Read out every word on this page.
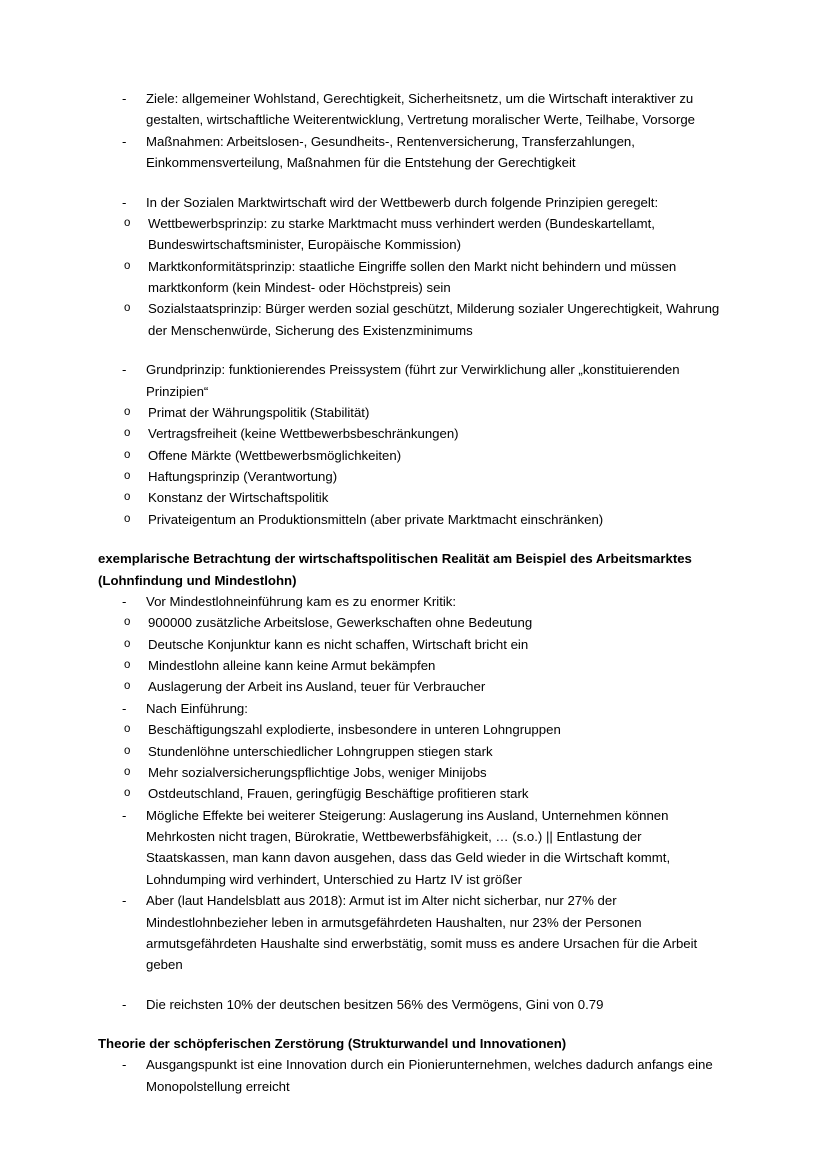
- Ziele: allgemeiner Wohlstand, Gerechtigkeit, Sicherheitsnetz, um die Wirtschaft interaktiver zu gestalten, wirtschaftliche Weiterentwicklung, Vertretung moralischer Werte, Teilhabe, Vorsorge
- Maßnahmen: Arbeitslosen-, Gesundheits-, Rentenversicherung, Transferzahlungen, Einkommensverteilung, Maßnahmen für die Entstehung der Gerechtigkeit
- In der Sozialen Marktwirtschaft wird der Wettbewerb durch folgende Prinzipien geregelt:
o Wettbewerbsprinzip: zu starke Marktmacht muss verhindert werden (Bundeskartellamt, Bundeswirtschaftsminister, Europäische Kommission)
o Marktkonformitätsprinzip: staatliche Eingriffe sollen den Markt nicht behindern und müssen marktkonform (kein Mindest- oder Höchstpreis) sein
o Sozialstaatsprinzip: Bürger werden sozial geschützt, Milderung sozialer Ungerechtigkeit, Wahrung der Menschenwürde, Sicherung des Existenzminimums
- Grundprinzip: funktionierendes Preissystem (führt zur Verwirklichung aller „konstituierenden Prinzipien“
o Primat der Währungspolitik (Stabilität)
o Vertragsfreiheit (keine Wettbewerbsbeschränkungen)
o Offene Märkte (Wettbewerbsmöglichkeiten)
o Haftungsprinzip (Verantwortung)
o Konstanz der Wirtschaftspolitik
o Privateigentum an Produktionsmitteln (aber private Marktmacht einschränken)

exemplarische Betrachtung der wirtschaftspolitischen Realität am Beispiel des Arbeitsmarktes (Lohnfindung und Mindestlohn)

- Vor Mindestlohneinführung kam es zu enormer Kritik:
o 900000 zusätzliche Arbeitslose, Gewerkschaften ohne Bedeutung
o Deutsche Konjunktur kann es nicht schaffen, Wirtschaft bricht ein
o Mindestlohn alleine kann keine Armut bekämpfen
o Auslagerung der Arbeit ins Ausland, teuer für Verbraucher
- Nach Einführung:
o Beschäftigungszahl explodierte, insbesondere in unteren Lohngruppen
o Stundenlöhne unterschiedlicher Lohngruppen stiegen stark
o Mehr sozialversicherungspflichtige Jobs, weniger Minijobs
o Ostdeutschland, Frauen, geringfügig Beschäftige profitieren stark
- Mögliche Effekte bei weiterer Steigerung: Auslagerung ins Ausland, Unternehmen können Mehrkosten nicht tragen, Bürokratie, Wettbewerbsfähigkeit, … (s.o.) || Entlastung der Staatskassen, man kann davon ausgehen, dass das Geld wieder in die Wirtschaft kommt, Lohndumping wird verhindert, Unterschied zu Hartz IV ist größer
- Aber (laut Handelsblatt aus 2018): Armut ist im Alter nicht sicherbar, nur 27% der Mindestlohnbezieher leben in armutsgefährdeten Haushalten, nur 23% der Personen armutsgefährdeten Haushalte sind erwerbstätig, somit muss es andere Ursachen für die Arbeit geben
- Die reichsten 10% der deutschen besitzen 56% des Vermögens, Gini von 0.79

Theorie der schöpferischen Zerstörung (Strukturwandel und Innovationen)

- Ausgangspunkt ist eine Innovation durch ein Pionierunternehmen, welches dadurch anfangs eine Monopolstellung erreicht
